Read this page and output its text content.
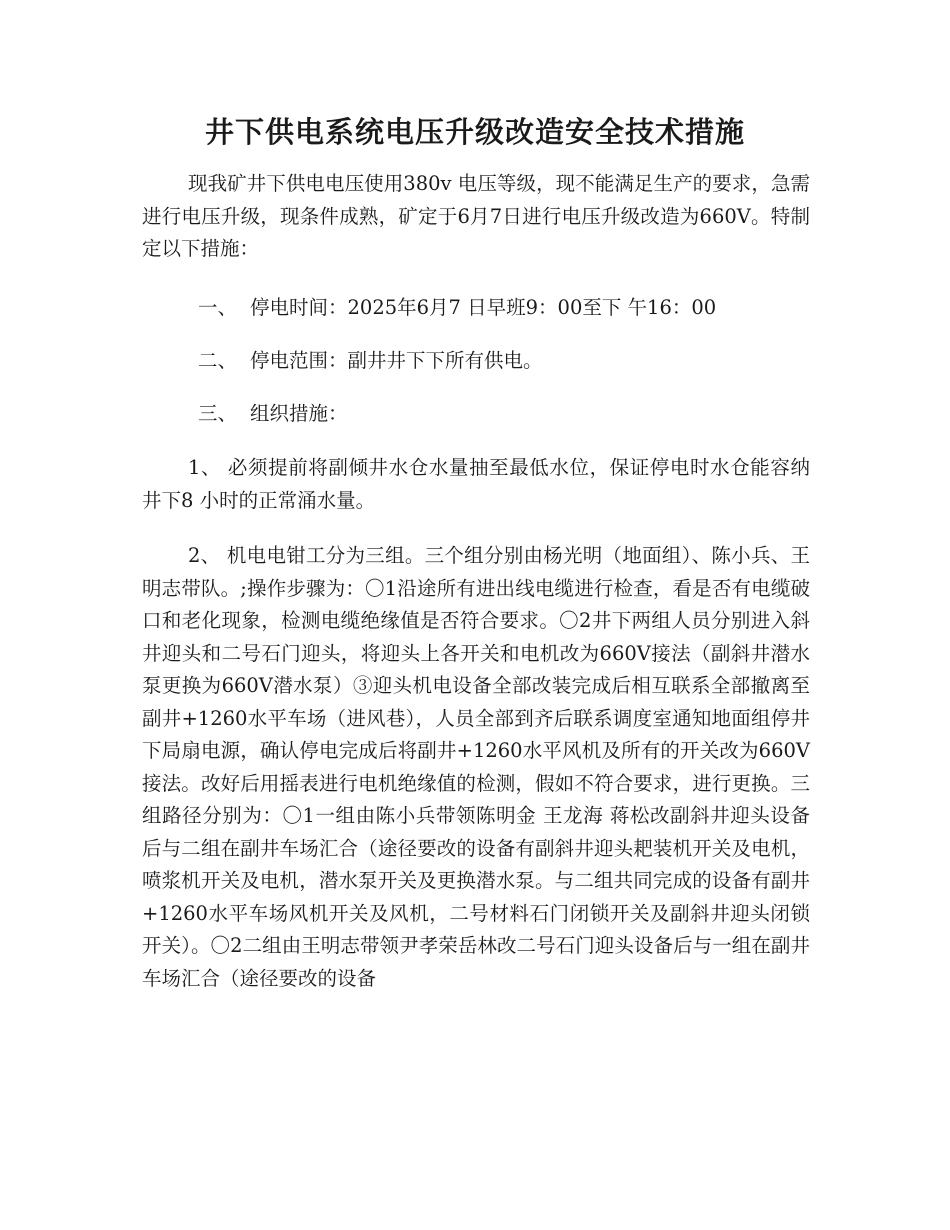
井下供电系统电压升级改造安全技术措施

现我矿井下供电电压使用380v 电压等级，现不能满足生产的要求，急需进行电压升级，现条件成熟，矿定于6月7日进行电压升级改造为660V。特制定以下措施：

一、 停电时间：2025年6月7 日早班9：00至下 午16：00

二、 停电范围：副井井下下所有供电。

三、 组织措施：

1、 必须提前将副倾井水仓水量抽至最低水位，保证停电时水仓能容纳井下8 小时的正常涌水量。

2、 机电电钳工分为三组。三个组分别由杨光明（地面组）、陈小兵、王明志带队。;操作步骤为：〇1沿途所有进出线电缆进行检查，看是否有电缆破口和老化现象，检测电缆绝缘值是否符合要求。〇2井下两组人员分别进入斜井迎头和二号石门迎头，将迎头上各开关和电机改为660V接法（副斜井潜水泵更换为660V潜水泵）③迎头机电设备全部改装完成后相互联系全部撤离至副井+1260水平车场（进风巷），人员全部到齐后联系调度室通知地面组停井下局扇电源，确认停电完成后将副井+1260水平风机及所有的开关改为660V接法。改好后用摇表进行电机绝缘值的检测，假如不符合要求，进行更换。三组路径分别为：〇1一组由陈小兵带领陈明金 王龙海 蒋松改副斜井迎头设备后与二组在副井车场汇合（途径要改的设备有副斜井迎头耙装机开关及电机，喷浆机开关及电机，潜水泵开关及更换潜水泵。与二组共同完成的设备有副井+1260水平车场风机开关及风机，二号材料石门闭锁开关及副斜井迎头闭锁开关）。〇2二组由王明志带领尹孝荣岳林改二号石门迎头设备后与一组在副井车场汇合（途径要改的设备
